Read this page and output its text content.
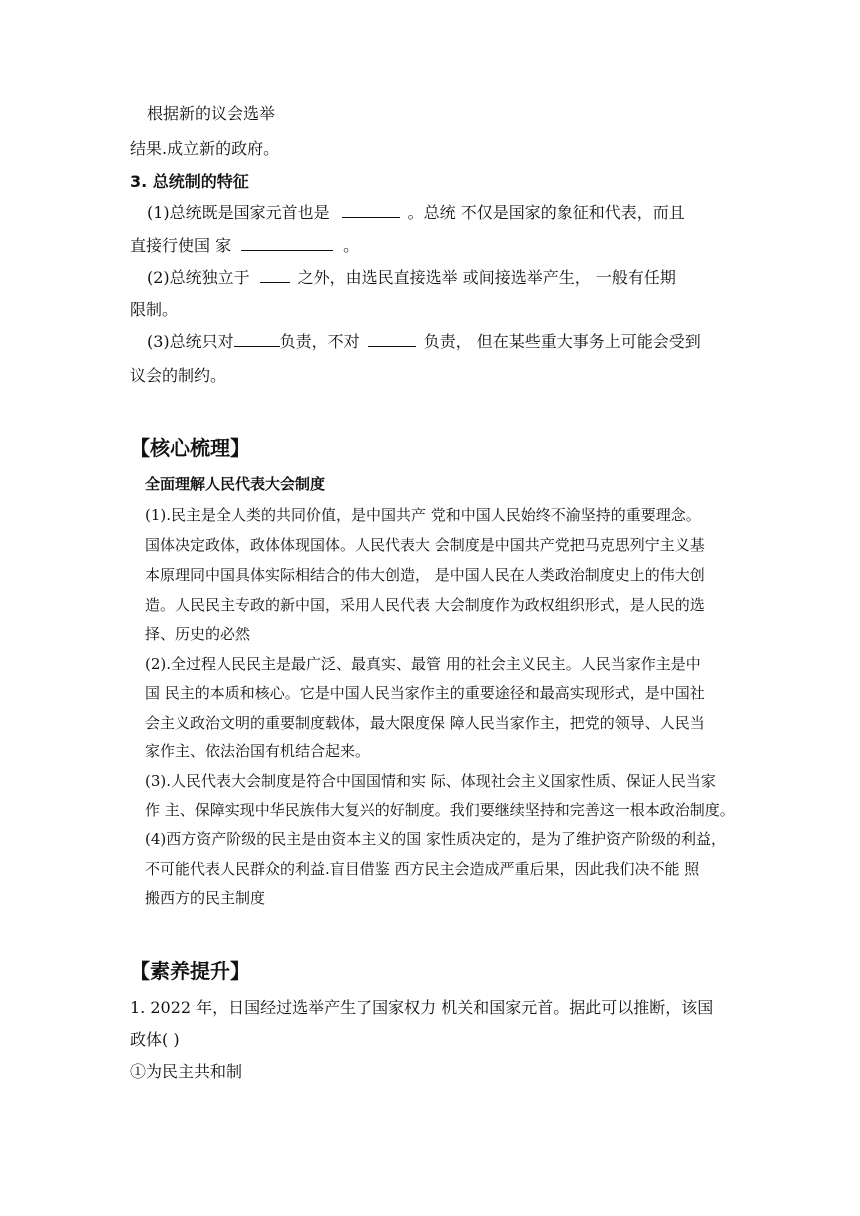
根据新的议会选举
结果.成立新的政府。
3. 总统制的特征
(1)总统既是国家元首也是	。总统 不仅是国家的象征和代表，而且
直接行使国 家	。
(2)总统独立于	之外，由选民直接选举 或间接选举产生， 一般有任期
限制。
(3)总统只对	负责，不对	负责， 但在某些重大事务上可能会受到
议会的制约。
【核心梳理】
全面理解人民代表大会制度
(1).民主是全人类的共同价值，是中国共产 党和中国人民始终不渝坚持的重要理念。
国体决定政体，政体体现国体。人民代表大 会制度是中国共产党把马克思列宁主义基
本原理同中国具体实际相结合的伟大创造， 是中国人民在人类政治制度史上的伟大创
造。人民民主专政的新中国，采用人民代表 大会制度作为政权组织形式，是人民的选
择、历史的必然
(2).全过程人民民主是最广泛、最真实、最管 用的社会主义民主。人民当家作主是中
国 民主的本质和核心。它是中国人民当家作主的重要途径和最高实现形式，是中国社
会主义政治文明的重要制度载体，最大限度保 障人民当家作主，把党的领导、人民当
家作主、依法治国有机结合起来。
(3).人民代表大会制度是符合中国国情和实 际、体现社会主义国家性质、保证人民当家
作 主、保障实现中华民族伟大复兴的好制度。我们要继续坚持和完善这一根本政治制度。
(4)西方资产阶级的民主是由资本主义的国 家性质决定的，是为了维护资产阶级的利益，
不可能代表人民群众的利益.盲目借鉴 西方民主会造成严重后果，因此我们决不能 照
搬西方的民主制度
【素养提升】
1. 2022 年，日国经过选举产生了国家权力 机关和国家元首。据此可以推断，该国
政体( )
①为民主共和制
